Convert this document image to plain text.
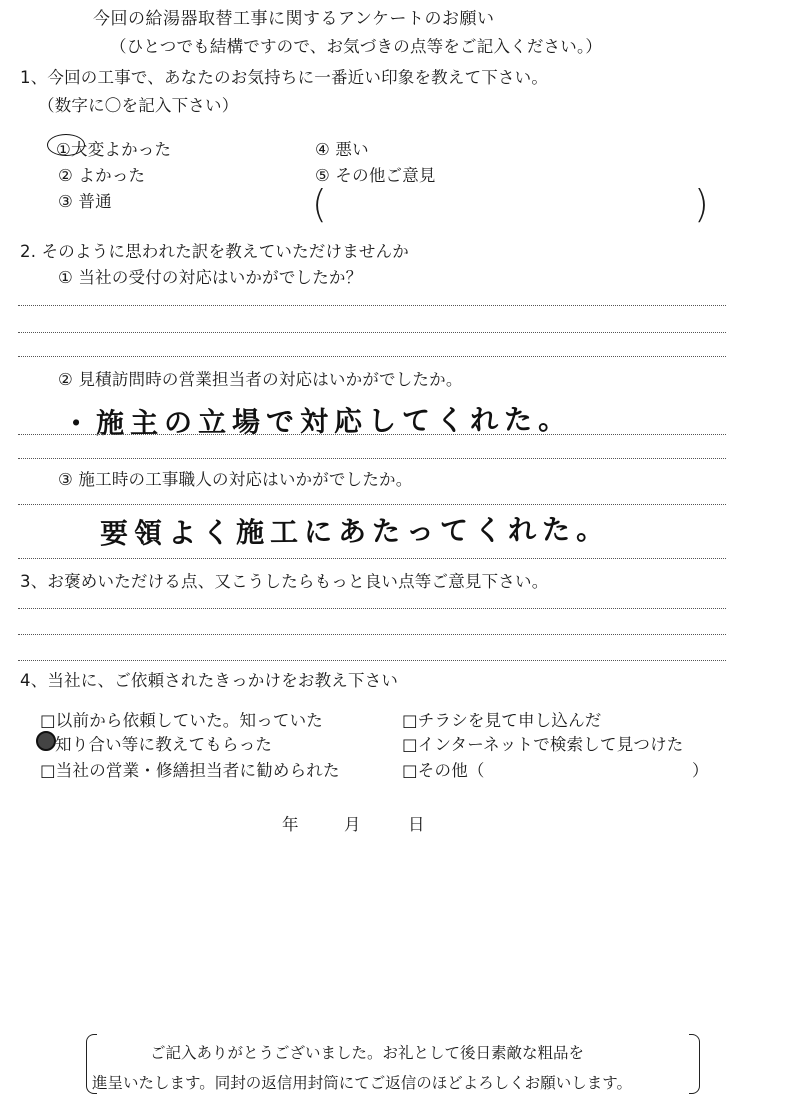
今回の給湯器取替工事に関するアンケートのお願い
（ひとつでも結構ですので、お気づきの点等をご記入ください。）
1、今回の工事で、あなたのお気持ちに一番近い印象を教えて下さい。
（数字に〇を記入下さい）
①大変よかった
② よかった
③ 普通
④ 悪い
⑤ その他ご意見
(	)
2. そのように思われた訳を教えていただけませんか
① 当社の受付の対応はいかがでしたか？
② 見積訪問時の営業担当者の対応はいかがでしたか。
・施主の立場で対応してくれた。
③ 施工時の工事職人の対応はいかがでしたか。
要領よく施工にあたってくれた。
3、お褒めいただける点、又こうしたらもっと良い点等ご意見下さい。
4、当社に、ご依頼されたきっかけをお教え下さい
□以前から依頼していた。知っていた
知り合い等に教えてもらった
□当社の営業・修繕担当者に勧められた
□チラシを見て申し込んだ
□インターネットで検索して見つけた
□その他（	）
年	月	日
ご記入ありがとうございました。お礼として後日素敵な粗品を
進呈いたします。同封の返信用封筒にてご返信のほどよろしくお願いします。
